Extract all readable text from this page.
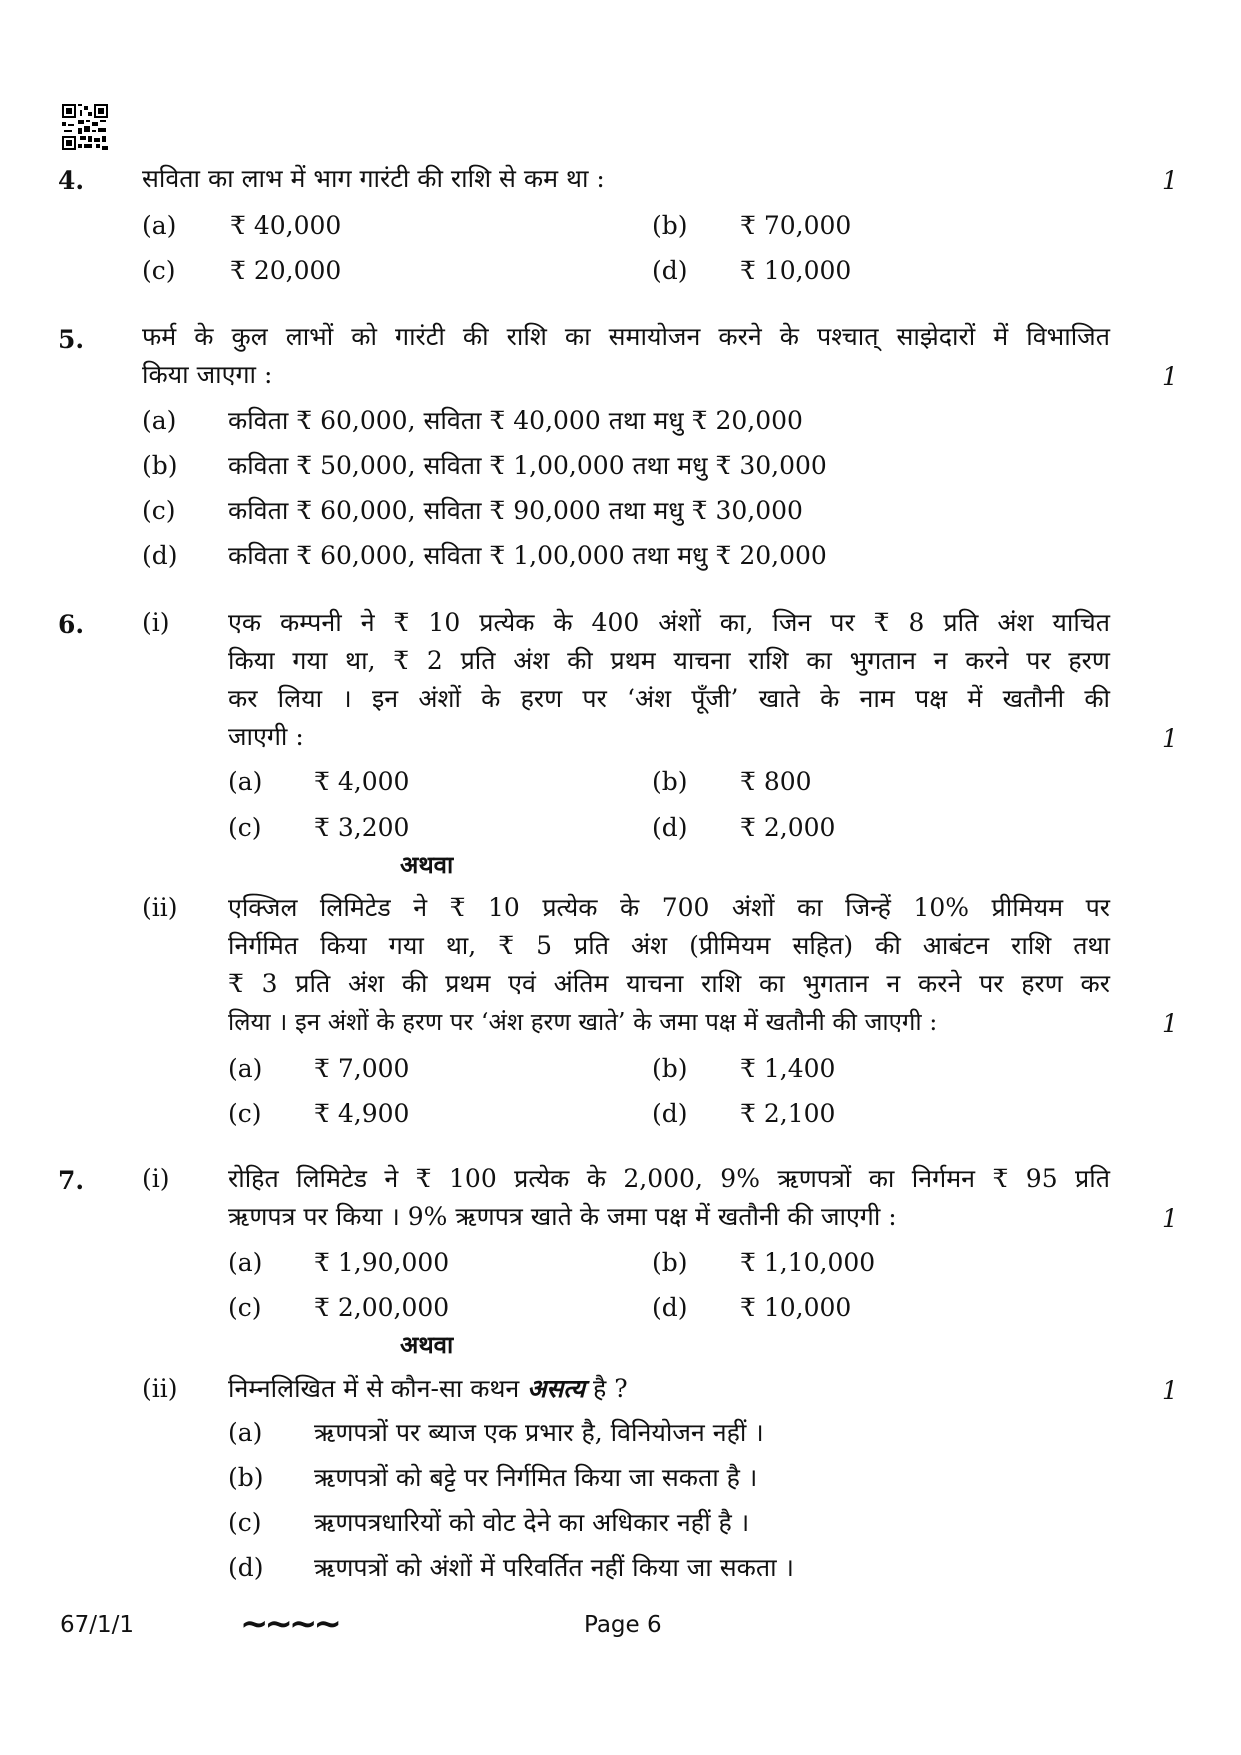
4. सविता का लाभ में भाग गारंटी की राशि से कम था :	1
(a) ₹ 40,000	(b) ₹ 70,000
(c) ₹ 20,000	(d) ₹ 10,000
5. फर्म के कुल लाभों को गारंटी की राशि का समायोजन करने के पश्चात् साझेदारों में विभाजित
किया जाएगा :	1
(a) कविता ₹ 60,000, सविता ₹ 40,000 तथा मधु ₹ 20,000
(b) कविता ₹ 50,000, सविता ₹ 1,00,000 तथा मधु ₹ 30,000
(c) कविता ₹ 60,000, सविता ₹ 90,000 तथा मधु ₹ 30,000
(d) कविता ₹ 60,000, सविता ₹ 1,00,000 तथा मधु ₹ 20,000
6. (i) एक कम्पनी ने ₹ 10 प्रत्येक के 400 अंशों का, जिन पर ₹ 8 प्रति अंश याचित
किया गया था, ₹ 2 प्रति अंश की प्रथम याचना राशि का भुगतान न करने पर हरण
कर लिया । इन अंशों के हरण पर ‘अंश पूँजी’ खाते के नाम पक्ष में खतौनी की
जाएगी :	1
(a) ₹ 4,000	(b) ₹ 800
(c) ₹ 3,200	(d) ₹ 2,000
अथवा
(ii) एक्जिल लिमिटेड ने ₹ 10 प्रत्येक के 700 अंशों का जिन्हें 10% प्रीमियम पर
निर्गमित किया गया था, ₹ 5 प्रति अंश (प्रीमियम सहित) की आबंटन राशि तथा
₹ 3 प्रति अंश की प्रथम एवं अंतिम याचना राशि का भुगतान न करने पर हरण कर
लिया । इन अंशों के हरण पर ‘अंश हरण खाते’ के जमा पक्ष में खतौनी की जाएगी :	1
(a) ₹ 7,000	(b) ₹ 1,400
(c) ₹ 4,900	(d) ₹ 2,100
7. (i) रोहित लिमिटेड ने ₹ 100 प्रत्येक के 2,000, 9% ऋणपत्रों का निर्गमन ₹ 95 प्रति
ऋणपत्र पर किया । 9% ऋणपत्र खाते के जमा पक्ष में खतौनी की जाएगी :	1
(a) ₹ 1,90,000	(b) ₹ 1,10,000
(c) ₹ 2,00,000	(d) ₹ 10,000
अथवा
(ii) निम्नलिखित में से कौन-सा कथन असत्य है ?	1
(a) ऋणपत्रों पर ब्याज एक प्रभार है, विनियोजन नहीं ।
(b) ऋणपत्रों को बट्टे पर निर्गमित किया जा सकता है ।
(c) ऋणपत्रधारियों को वोट देने का अधिकार नहीं है ।
(d) ऋणपत्रों को अंशों में परिवर्तित नहीं किया जा सकता ।
67/1/1	∼∼∼∼	Page 6
